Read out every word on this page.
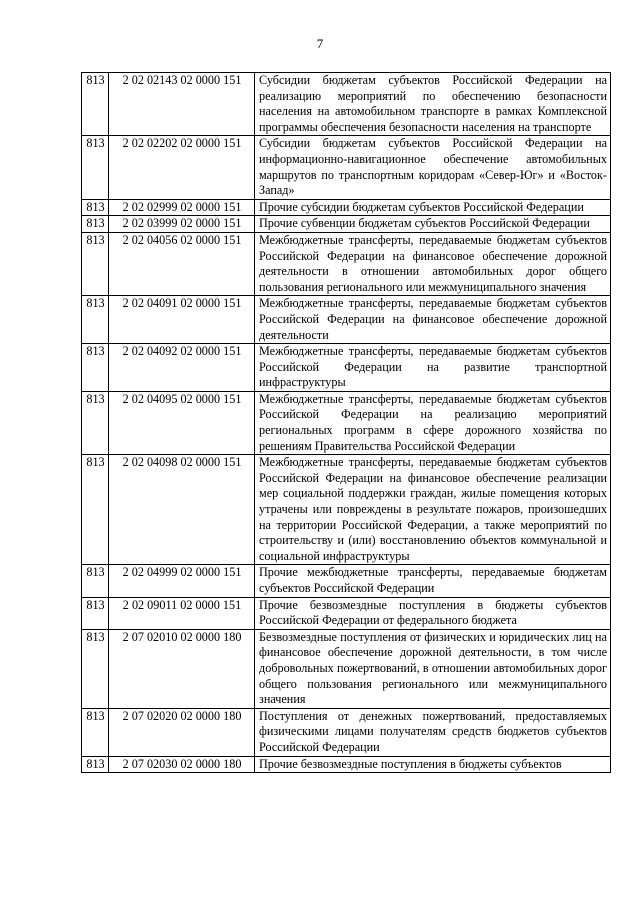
7
813	2 02 02143 02 0000 151	Субсидии бюджетам субъектов Российской Федерации на реализацию мероприятий по обеспечению безопасности населения на автомобильном транспорте в рамках Комплексной программы обеспечения безопасности населения на транспорте
813	2 02 02202 02 0000 151	Субсидии бюджетам субъектов Российской Федерации на информационно-навигационное обеспечение автомобильных маршрутов по транспортным коридорам «Север-Юг» и «Восток-Запад»
813	2 02 02999 02 0000 151	Прочие субсидии бюджетам субъектов Российской Федерации
813	2 02 03999 02 0000 151	Прочие субвенции бюджетам субъектов Российской Федерации
813	2 02 04056 02 0000 151	Межбюджетные трансферты, передаваемые бюджетам субъектов Российской Федерации на финансовое обеспечение дорожной деятельности в отношении автомобильных дорог общего пользования регионального или межмуниципального значения
813	2 02 04091 02 0000 151	Межбюджетные трансферты, передаваемые бюджетам субъектов Российской Федерации на финансовое обеспечение дорожной деятельности
813	2 02 04092 02 0000 151	Межбюджетные трансферты, передаваемые бюджетам субъектов Российской Федерации на развитие транспортной инфраструктуры
813	2 02 04095 02 0000 151	Межбюджетные трансферты, передаваемые бюджетам субъектов Российской Федерации на реализацию мероприятий региональных программ в сфере дорожного хозяйства по решениям Правительства Российской Федерации
813	2 02 04098 02 0000 151	Межбюджетные трансферты, передаваемые бюджетам субъектов Российской Федерации на финансовое обеспечение реализации мер социальной поддержки граждан, жилые помещения которых утрачены или повреждены в результате пожаров, произошедших на территории Российской Федерации, а также мероприятий по строительству и (или) восстановлению объектов коммунальной и социальной инфраструктуры
813	2 02 04999 02 0000 151	Прочие межбюджетные трансферты, передаваемые бюджетам субъектов Российской Федерации
813	2 02 09011 02 0000 151	Прочие безвозмездные поступления в бюджеты субъектов Российской Федерации от федерального бюджета
813	2 07 02010 02 0000 180	Безвозмездные поступления от физических и юридических лиц на финансовое обеспечение дорожной деятельности, в том числе добровольных пожертвований, в отношении автомобильных дорог общего пользования регионального или межмуниципального значения
813	2 07 02020 02 0000 180	Поступления от денежных пожертвований, предоставляемых физическими лицами получателям средств бюджетов субъектов Российской Федерации
813	2 07 02030 02 0000 180	Прочие безвозмездные поступления в бюджеты субъектов
